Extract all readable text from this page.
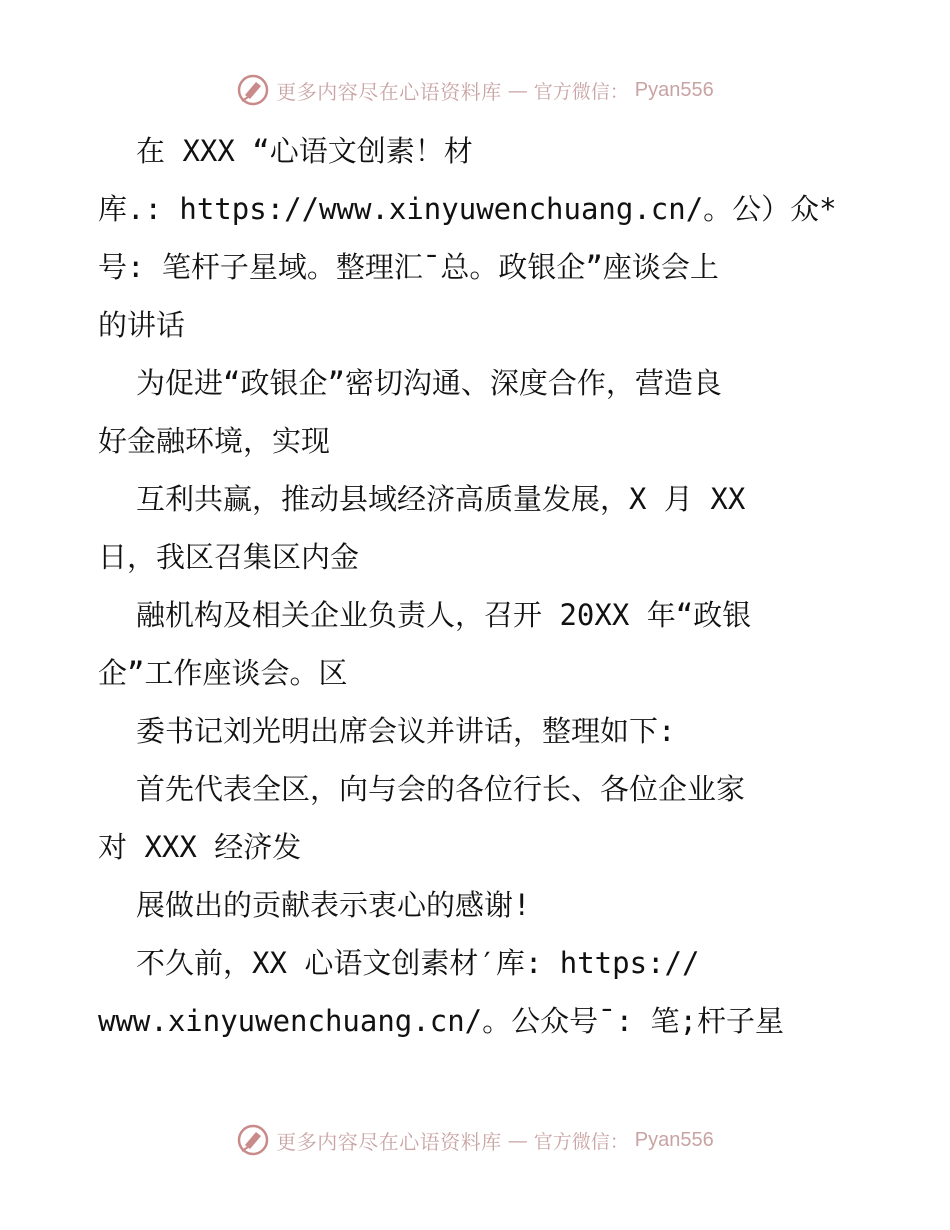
更多内容尽在心语资料库 — 官方微信： Pyan556
在 XXX “心语文创素！材
库.: https://www.xinyuwenchuang.cn/。公）众*
号: 笔杆子星域。整理汇¯总。政银企”座谈会上
的讲话
为促进“政银企”密切沟通、深度合作，营造良
好金融环境，实现
互利共赢，推动县域经济高质量发展，X 月 XX
日，我区召集区内金
融机构及相关企业负责人，召开 20XX 年“政银
企”工作座谈会。区
委书记刘光明出席会议并讲话，整理如下:
首先代表全区，向与会的各位行长、各位企业家
对 XXX 经济发
展做出的贡献表示衷心的感谢!
不久前，XX 心语文创素材′库: https://
www.xinyuwenchuang.cn/。公众号¯: 笔;杆子星
更多内容尽在心语资料库 — 官方微信： Pyan556
